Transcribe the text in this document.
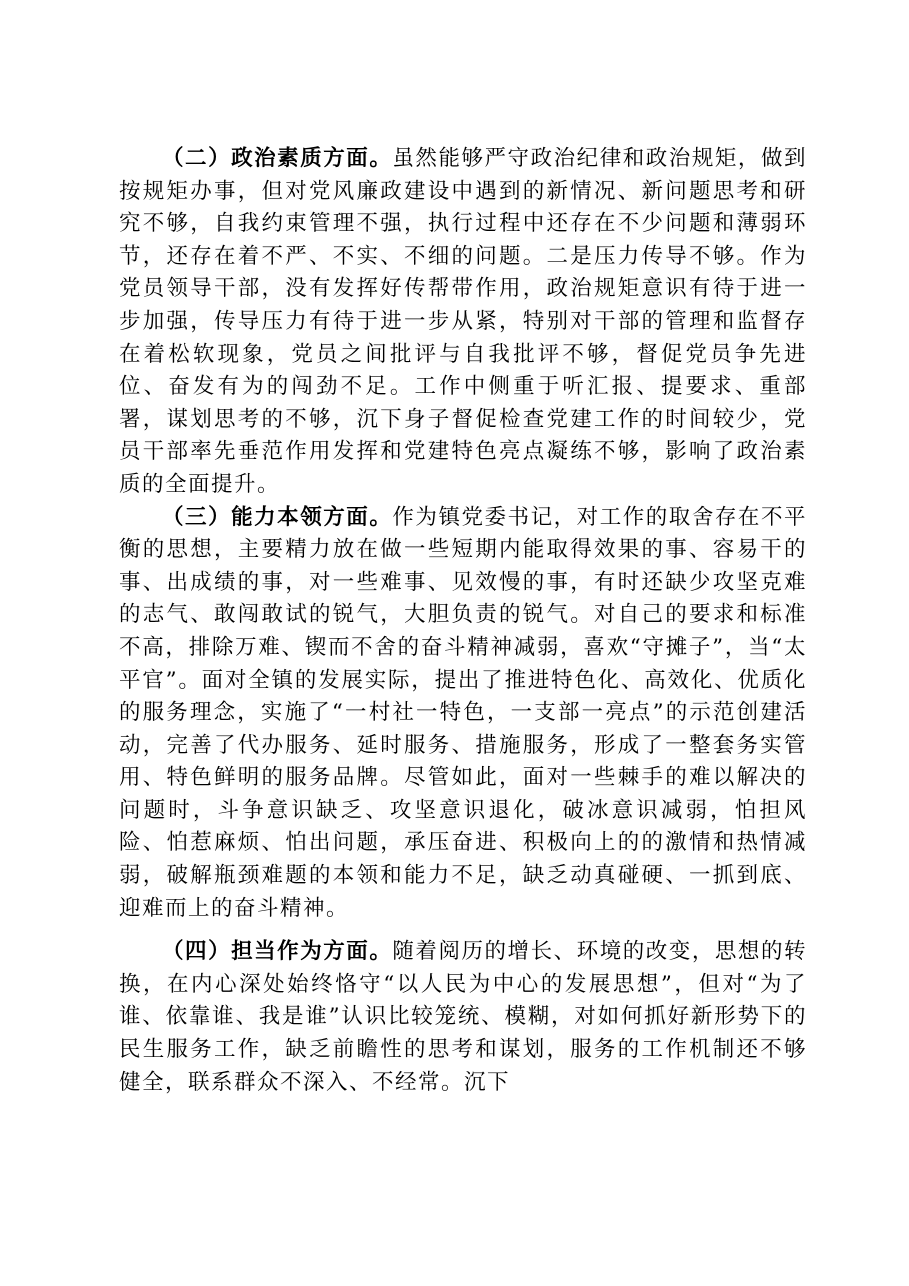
（二）政治素质方面。虽然能够严守政治纪律和政治规矩，做到按规矩办事，但对党风廉政建设中遇到的新情况、新问题思考和研究不够，自我约束管理不强，执行过程中还存在不少问题和薄弱环节，还存在着不严、不实、不细的问题。二是压力传导不够。作为党员领导干部，没有发挥好传帮带作用，政治规矩意识有待于进一步加强，传导压力有待于进一步从紧，特别对干部的管理和监督存在着松软现象，党员之间批评与自我批评不够，督促党员争先进位、奋发有为的闯劲不足。工作中侧重于听汇报、提要求、重部署，谋划思考的不够，沉下身子督促检查党建工作的时间较少，党员干部率先垂范作用发挥和党建特色亮点凝练不够，影响了政治素质的全面提升。

（三）能力本领方面。作为镇党委书记，对工作的取舍存在不平衡的思想，主要精力放在做一些短期内能取得效果的事、容易干的事、出成绩的事，对一些难事、见效慢的事，有时还缺少攻坚克难的志气、敢闯敢试的锐气，大胆负责的锐气。对自己的要求和标准不高，排除万难、锲而不舍的奋斗精神减弱，喜欢“守摊子”，当“太平官”。面对全镇的发展实际，提出了推进特色化、高效化、优质化的服务理念，实施了“一村社一特色，一支部一亮点”的示范创建活动，完善了代办服务、延时服务、措施服务，形成了一整套务实管用、特色鲜明的服务品牌。尽管如此，面对一些棘手的难以解决的问题时，斗争意识缺乏、攻坚意识退化，破冰意识减弱，怕担风险、怕惹麻烦、怕出问题，承压奋进、积极向上的的激情和热情减弱，破解瓶颈难题的本领和能力不足，缺乏动真碰硬、一抓到底、迎难而上的奋斗精神。

（四）担当作为方面。随着阅历的增长、环境的改变，思想的转换，在内心深处始终恪守“以人民为中心的发展思想”，但对“为了谁、依靠谁、我是谁”认识比较笼统、模糊，对如何抓好新形势下的民生服务工作，缺乏前瞻性的思考和谋划，服务的工作机制还不够健全，联系群众不深入、不经常。沉下
